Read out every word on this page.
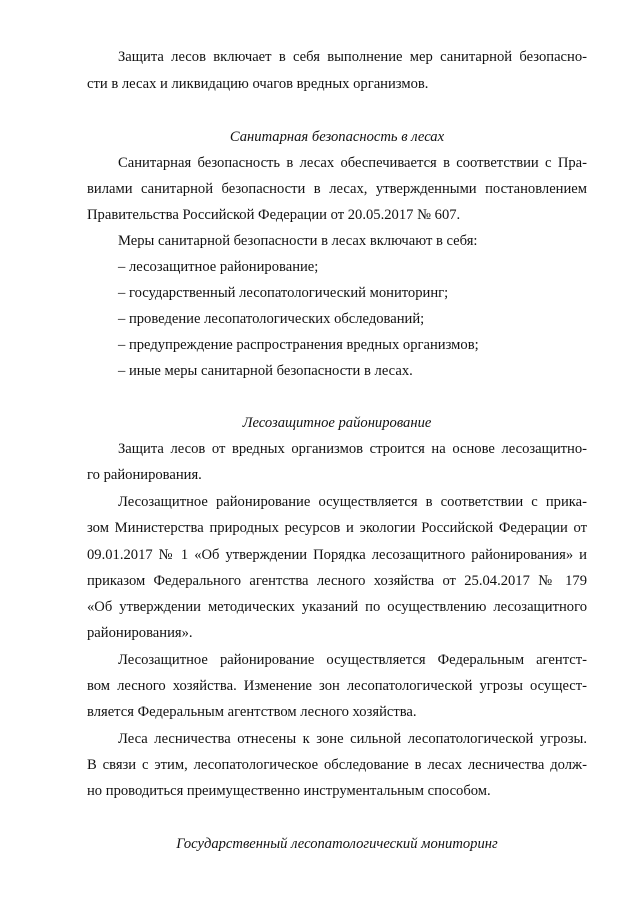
Защита лесов включает в себя выполнение мер санитарной безопасно-
сти в лесах и ликвидацию очагов вредных организмов.
Санитарная безопасность в лесах
Санитарная безопасность в лесах обеспечивается в соответствии с Пра-
вилами санитарной безопасности в лесах, утвержденными постановлением
Правительства Российской Федерации от 20.05.2017 № 607.
Меры санитарной безопасности в лесах включают в себя:
– лесозащитное районирование;
– государственный лесопатологический мониторинг;
– проведение лесопатологических обследований;
– предупреждение распространения вредных организмов;
– иные меры санитарной безопасности в лесах.
Лесозащитное районирование
Защита лесов от вредных организмов строится на основе лесозащитно-
го районирования.
Лесозащитное районирование осуществляется в соответствии с прика-
зом Министерства природных ресурсов и экологии Российской Федерации от
09.01.2017 № 1 «Об утверждении Порядка лесозащитного районирования» и
приказом Федерального агентства лесного хозяйства от 25.04.2017 № 179
«Об утверждении методических указаний по осуществлению лесозащитного
районирования».
Лесозащитное районирование осуществляется Федеральным агентст-
вом лесного хозяйства. Изменение зон лесопатологической угрозы осущест-
вляется Федеральным агентством лесного хозяйства.
Леса лесничества отнесены к зоне сильной лесопатологической угрозы.
В связи с этим, лесопатологическое обследование в лесах лесничества долж-
но проводиться преимущественно инструментальным способом.
Государственный лесопатологический мониторинг
